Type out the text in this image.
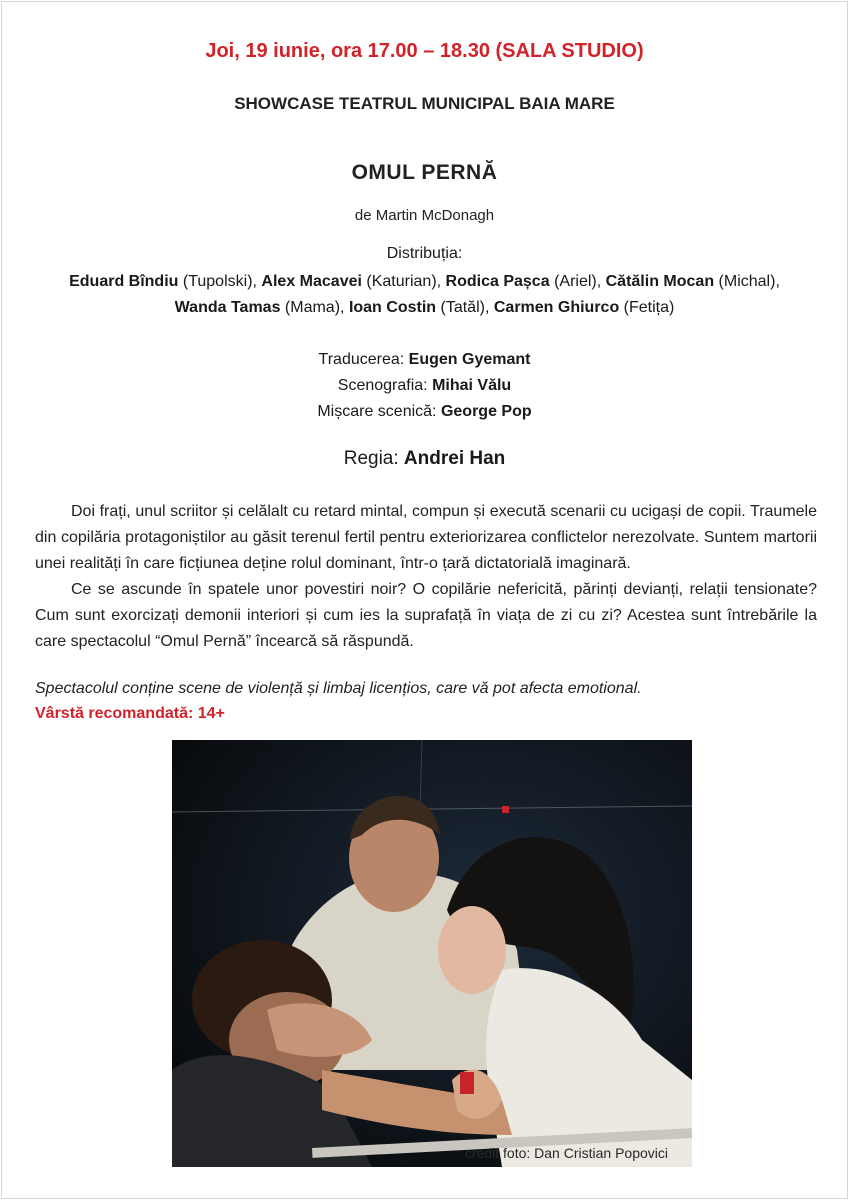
Joi, 19 iunie, ora 17.00 – 18.30 (SALA STUDIO)
SHOWCASE TEATRUL MUNICIPAL BAIA MARE
OMUL PERNĂ
de Martin McDonagh
Distribuția:
Eduard Bîndiu (Tupolski), Alex Macavei (Katurian), Rodica Pașca (Ariel), Cătălin Mocan (Michal),
Wanda Tamas (Mama), Ioan Costin (Tatăl), Carmen Ghiurco (Fetița)
Traducerea: Eugen Gyemant
Scenografia: Mihai Vălu
Mișcare scenică: George Pop
Regia: Andrei Han

Doi frați, unul scriitor și celălalt cu retard mintal, compun și execută scenarii cu ucigași de copii. Traumele din copilăria protagoniștilor au găsit terenul fertil pentru exteriorizarea conflictelor nerezolvate. Suntem martorii unei realități în care ficțiunea deține rolul dominant, într-o țară dictatorială imaginară.

Ce se ascunde în spatele unor povestiri noir? O copilărie nefericită, părinți devianți, relații tensionate? Cum sunt exorcizați demonii interiori și cum ies la suprafață în viața de zi cu zi? Acestea sunt întrebările la care spectacolul “Omul Pernă” încearcă să răspundă.

Spectacolul conține scene de violență și limbaj licențios, care vă pot afecta emotional.
Vârstă recomandată: 14+
credit foto: Dan Cristian Popovici
